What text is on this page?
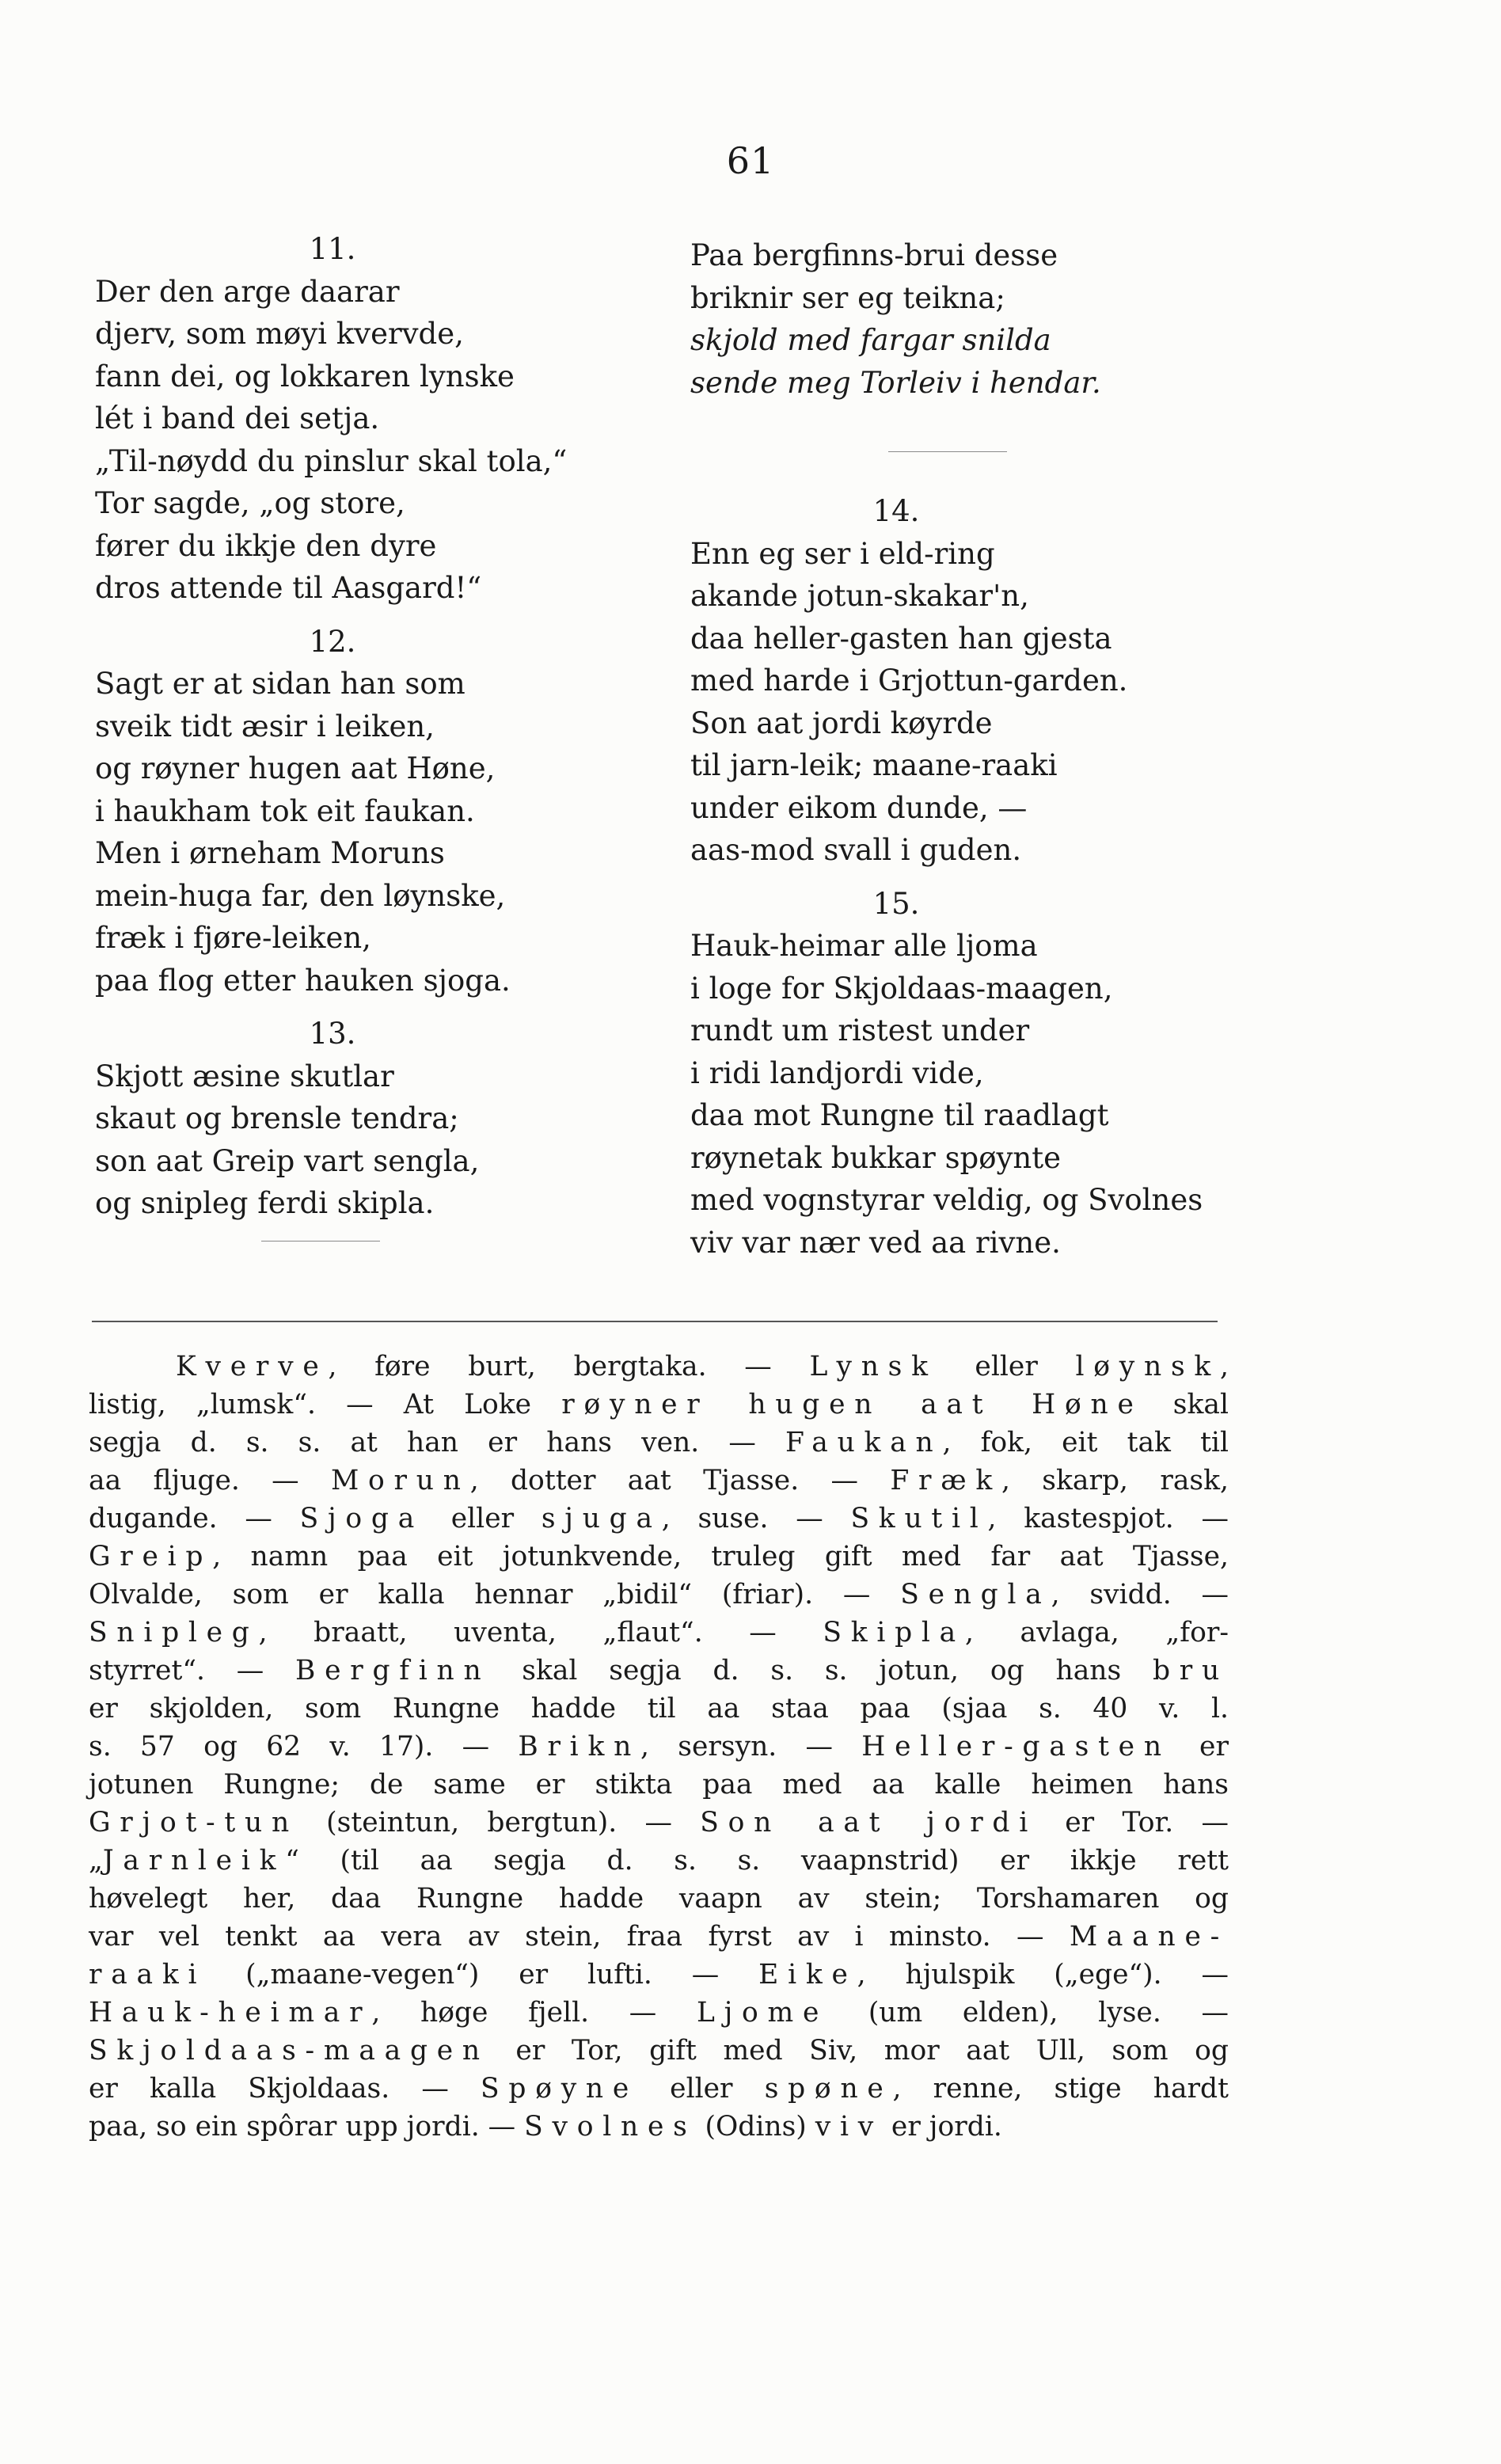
61
11.
Der den arge daarar
djerv, som møyi kvervde,
fann dei, og lokkaren lynske
lét i band dei setja.
„Til-nøydd du pinslur skal tola,“
Tor sagde, „og store,
fører du ikkje den dyre
dros attende til Aasgard!“
12.
Sagt er at sidan han som
sveik tidt æsir i leiken,
og røyner hugen aat Høne,
i haukham tok eit faukan.
Men i ørneham Moruns
mein-huga far, den løynske,
fræk i fjøre-leiken,
paa flog etter hauken sjoga.
13.
Skjott æsine skutlar
skaut og brensle tendra;
son aat Greip vart sengla,
og snipleg ferdi skipla.
Paa bergfinns-brui desse
briknir ser eg teikna;
skjold med fargar snilda
sende meg Torleiv i hendar.
14.
Enn eg ser i eld-ring
akande jotun-skakar'n,
daa heller-gasten han gjesta
med harde i Grjottun-garden.
Son aat jordi køyrde
til jarn-leik; maane-raaki
under eikom dunde, —
aas-mod svall i guden.
15.
Hauk-heimar alle ljoma
i loge for Skjoldaas-maagen,
rundt um ristest under
i ridi landjordi vide,
daa mot Rungne til raadlagt
røynetak bukkar spøynte
med vognstyrar veldig, og Svolnes
viv var nær ved aa rivne.
Kverve, føre burt, bergtaka. — Lynsk eller løynsk,
listig, „lumsk“. — At Loke røyner hugen aat Høne skal
segja d. s. s. at han er hans ven. — Faukan, fok, eit tak til
aa fljuge. — Morun, dotter aat Tjasse. — Fræk, skarp, rask,
dugande. — Sjoga eller sjuga, suse. — Skutil, kastespjot. —
Greip, namn paa eit jotunkvende, truleg gift med far aat Tjasse,
Olvalde, som er kalla hennar „bidil“ (friar). — Sengla, svidd. —
Snipleg, braatt, uventa, „flaut“. — Skipla, avlaga, „for-
styrret“. — Bergfinn skal segja d. s. s. jotun, og hans bru
er skjolden, som Rungne hadde til aa staa paa (sjaa s. 40 v. l.
s. 57 og 62 v. 17). — Brikn, sersyn. — Heller-gasten er
jotunen Rungne; de same er stikta paa med aa kalle heimen hans
Grjot-tun (steintun, bergtun). — Son aat jordi er Tor. —
„Jarnleik“ (til aa segja d. s. s. vaapnstrid) er ikkje rett
høvelegt her, daa Rungne hadde vaapn av stein; Torshamaren og
var vel tenkt aa vera av stein, fraa fyrst av i minsto. — Maane-
raaki („maane-vegen“) er lufti. — Eike, hjulspik („ege“). —
Hauk-heimar, høge fjell. — Ljome (um elden), lyse. —
Skjoldaas-maagen er Tor, gift med Siv, mor aat Ull, som og
er kalla Skjoldaas. — Spøyne eller spøne, renne, stige hardt
paa, so ein spôrar upp jordi. — Svolnes (Odins) viv er jordi.
